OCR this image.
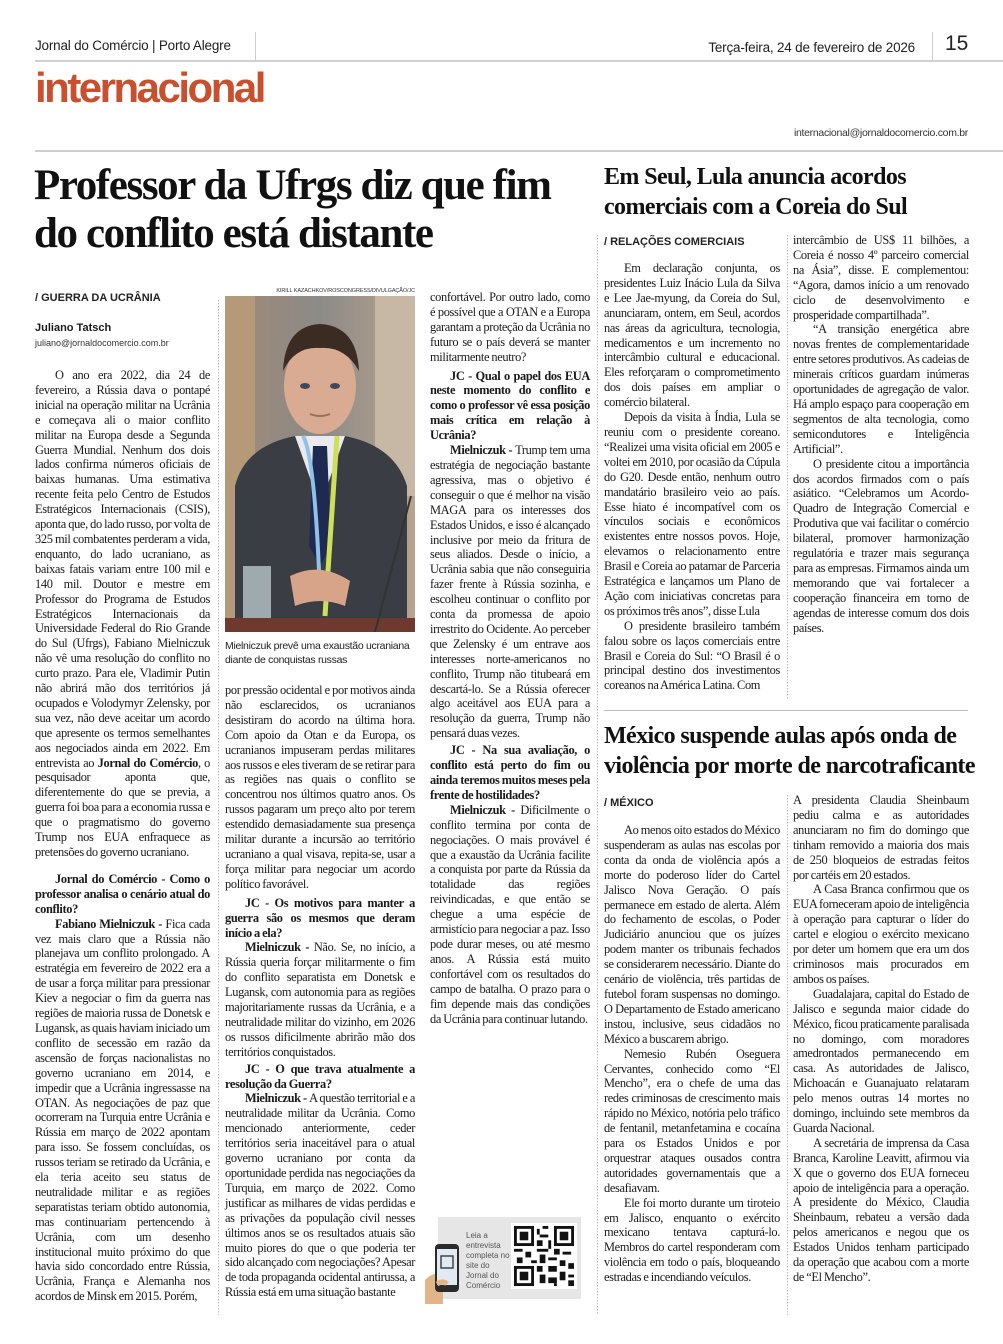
Jornal do Comércio | Porto Alegre	Terça-feira, 24 de fevereiro de 2026 15
internacional
internacional@jornaldocomercio.com.br
Professor da Ufrgs diz que fim do conflito está distante
/ GUERRA DA UCRÂNIA
Juliano Tatsch
juliano@jornaldocomercio.com.br

O ano era 2022, dia 24 de fevereiro, a Rússia dava o pontapé inicial na operação militar na Ucrânia e começava ali o maior conflito militar na Europa desde a Segunda Guerra Mundial. Nenhum dos dois lados confirma números oficiais de baixas humanas. Uma estimativa recente feita pelo Centro de Estudos Estratégicos Internacionais (CSIS), aponta que, do lado russo, por volta de 325 mil combatentes perderam a vida, enquanto, do lado ucraniano, as baixas fatais variam entre 100 mil e 140 mil. Doutor e mestre em Professor do Programa de Estudos Estratégicos Internacionais da Universidade Federal do Rio Grande do Sul (Ufrgs), Fabiano Mielniczuk não vê uma resolução do conflito no curto prazo. Para ele, Vladimir Putin não abrirá mão dos territórios já ocupados e Volodymyr Zelensky, por sua vez, não deve aceitar um acordo que apresente os termos semelhantes aos negociados ainda em 2022. Em entrevista ao Jornal do Comércio, o pesquisador aponta que, diferentemente do que se previa, a guerra foi boa para a economia russa e que o pragmatismo do governo Trump nos EUA enfraquece as pretensões do governo ucraniano.

Jornal do Comércio - Como o professor analisa o cenário atual do conflito?

Fabiano Mielniczuk - Fica cada vez mais claro que a Rússia não planejava um conflito prolongado. A estratégia em fevereiro de 2022 era a de usar a força militar para pressionar Kiev a negociar o fim da guerra nas regiões de maioria russa de Donetsk e Lugansk, as quais haviam iniciado um conflito de secessão em razão da ascensão de forças nacionalistas no governo ucraniano em 2014, e impedir que a Ucrânia ingressasse na OTAN. As negociações de paz que ocorreram na Turquia entre Ucrânia e Rússia em março de 2022 apontam para isso. Se fossem concluídas, os russos teriam se retirado da Ucrânia, e ela teria aceito seu status de neutralidade militar e as regiões separatistas teriam obtido autonomia, mas continuariam pertencendo à Ucrânia, com um desenho institucional muito próximo do que havia sido concordado entre Rússia, Ucrânia, França e Alemanha nos acordos de Minsk em 2015. Porém,

KIRILL KAZACHKOV/ROSCONGRESS/DIVULGAÇÃO/JC
Mielniczuk prevê uma exaustão ucraniana diante de conquistas russas

por pressão ocidental e por motivos ainda não esclarecidos, os ucranianos desistiram do acordo na última hora. Com apoio da Otan e da Europa, os ucranianos impuseram perdas militares aos russos e eles tiveram de se retirar para as regiões nas quais o conflito se concentrou nos últimos quatro anos. Os russos pagaram um preço alto por terem estendido demasiadamente sua presença militar durante a incursão ao território ucraniano a qual visava, repita-se, usar a força militar para negociar um acordo político favorável.

JC - Os motivos para manter a guerra são os mesmos que deram início a ela?

Mielniczuk - Não. Se, no início, a Rússia queria forçar militarmente o fim do conflito separatista em Donetsk e Lugansk, com autonomia para as regiões majoritariamente russas da Ucrânia, e a neutralidade militar do vizinho, em 2026 os russos dificilmente abrirão mão dos territórios conquistados.

JC - O que trava atualmente a resolução da Guerra?

Mielniczuk - A questão territorial e a neutralidade militar da Ucrânia. Como mencionado anteriormente, ceder territórios seria inaceitável para o atual governo ucraniano por conta da oportunidade perdida nas negociações da Turquia, em março de 2022. Como justificar as milhares de vidas perdidas e as privações da população civil nesses últimos anos se os resultados atuais são muito piores do que o que poderia ter sido alcançado com negociações? Apesar de toda propaganda ocidental antirussa, a Rússia está em uma situação bastante

confortável. Por outro lado, como é possível que a OTAN e a Europa garantam a proteção da Ucrânia no futuro se o país deverá se manter militarmente neutro?

JC - Qual o papel dos EUA neste momento do conflito e como o professor vê essa posição mais crítica em relação à Ucrânia?

Mielniczuk - Trump tem uma estratégia de negociação bastante agressiva, mas o objetivo é conseguir o que é melhor na visão MAGA para os interesses dos Estados Unidos, e isso é alcançado inclusive por meio da fritura de seus aliados. Desde o início, a Ucrânia sabia que não conseguiria fazer frente à Rússia sozinha, e escolheu continuar o conflito por conta da promessa de apoio irrestrito do Ocidente. Ao perceber que Zelensky é um entrave aos interesses norte-americanos no conflito, Trump não titubeará em descartá-lo. Se a Rússia oferecer algo aceitável aos EUA para a resolução da guerra, Trump não pensará duas vezes.

JC - Na sua avaliação, o conflito está perto do fim ou ainda teremos muitos meses pela frente de hostilidades?

Mielniczuk - Dificilmente o conflito termina por conta de negociações. O mais provável é que a exaustão da Ucrânia facilite a conquista por parte da Rússia da totalidade das regiões reivindicadas, e que então se chegue a uma espécie de armistício para negociar a paz. Isso pode durar meses, ou até mesmo anos. A Rússia está muito confortável com os resultados do campo de batalha. O prazo para o fim depende mais das condições da Ucrânia para continuar lutando.

Leia a entrevista completa no site do Jornal do Comércio
Em Seul, Lula anuncia acordos comerciais com a Coreia do Sul
/ RELAÇÕES COMERCIAIS

Em declaração conjunta, os presidentes Luiz Inácio Lula da Silva e Lee Jae-myung, da Coreia do Sul, anunciaram, ontem, em Seul, acordos nas áreas da agricultura, tecnologia, medicamentos e um incremento no intercâmbio cultural e educacional. Eles reforçaram o comprometimento dos dois países em ampliar o comércio bilateral.

Depois da visita à Índia, Lula se reuniu com o presidente coreano. “Realizei uma visita oficial em 2005 e voltei em 2010, por ocasião da Cúpula do G20. Desde então, nenhum outro mandatário brasileiro veio ao país. Esse hiato é incompatível com os vínculos sociais e econômicos existentes entre nossos povos. Hoje, elevamos o relacionamento entre Brasil e Coreia ao patamar de Parceria Estratégica e lançamos um Plano de Ação com iniciativas concretas para os próximos três anos”, disse Lula

O presidente brasileiro também falou sobre os laços comerciais entre Brasil e Coreia do Sul: “O Brasil é o principal destino dos investimentos coreanos na América Latina. Com

intercâmbio de US$ 11 bilhões, a Coreia é nosso 4º parceiro comercial na Ásia”, disse. E complementou: “Agora, damos início a um renovado ciclo de desenvolvimento e prosperidade compartilhada”.

“A transição energética abre novas frentes de complementaridade entre setores produtivos. As cadeias de minerais críticos guardam inúmeras oportunidades de agregação de valor. Há amplo espaço para cooperação em segmentos de alta tecnologia, como semicondutores e Inteligência Artificial”.

O presidente citou a importância dos acordos firmados com o país asiático. “Celebramos um Acordo-Quadro de Integração Comercial e Produtiva que vai facilitar o comércio bilateral, promover harmonização regulatória e trazer mais segurança para as empresas. Firmamos ainda um memorando que vai fortalecer a cooperação financeira em torno de agendas de interesse comum dos dois países.

México suspende aulas após onda de violência por morte de narcotraficante
/ MÉXICO

Ao menos oito estados do México suspenderam as aulas nas escolas por conta da onda de violência após a morte do poderoso líder do Cartel Jalisco Nova Geração. O país permanece em estado de alerta. Além do fechamento de escolas, o Poder Judiciário anunciou que os juízes podem manter os tribunais fechados se considerarem necessário. Diante do cenário de violência, três partidas de futebol foram suspensas no domingo. O Departamento de Estado americano instou, inclusive, seus cidadãos no México a buscarem abrigo.

Nemesio Rubén Oseguera Cervantes, conhecido como “El Mencho”, era o chefe de uma das redes criminosas de crescimento mais rápido no México, notória pelo tráfico de fentanil, metanfetamina e cocaína para os Estados Unidos e por orquestrar ataques ousados contra autoridades governamentais que a desafiavam.

Ele foi morto durante um tiroteio em Jalisco, enquanto o exército mexicano tentava capturá-lo. Membros do cartel responderam com violência em todo o país, bloqueando estradas e incendiando veículos.

A presidenta Claudia Sheinbaum pediu calma e as autoridades anunciaram no fim do domingo que tinham removido a maioria dos mais de 250 bloqueios de estradas feitos por cartéis em 20 estados.

A Casa Branca confirmou que os EUA forneceram apoio de inteligência à operação para capturar o líder do cartel e elogiou o exército mexicano por deter um homem que era um dos criminosos mais procurados em ambos os países.

Guadalajara, capital do Estado de Jalisco e segunda maior cidade do México, ficou praticamente paralisada no domingo, com moradores amedrontados permanecendo em casa. As autoridades de Jalisco, Michoacán e Guanajuato relataram pelo menos outras 14 mortes no domingo, incluindo sete membros da Guarda Nacional.

A secretária de imprensa da Casa Branca, Karoline Leavitt, afirmou via X que o governo dos EUA forneceu apoio de inteligência para a operação. A presidente do México, Claudia Sheinbaum, rebateu a versão dada pelos americanos e negou que os Estados Unidos tenham participado da operação que acabou com a morte de “El Mencho”.
